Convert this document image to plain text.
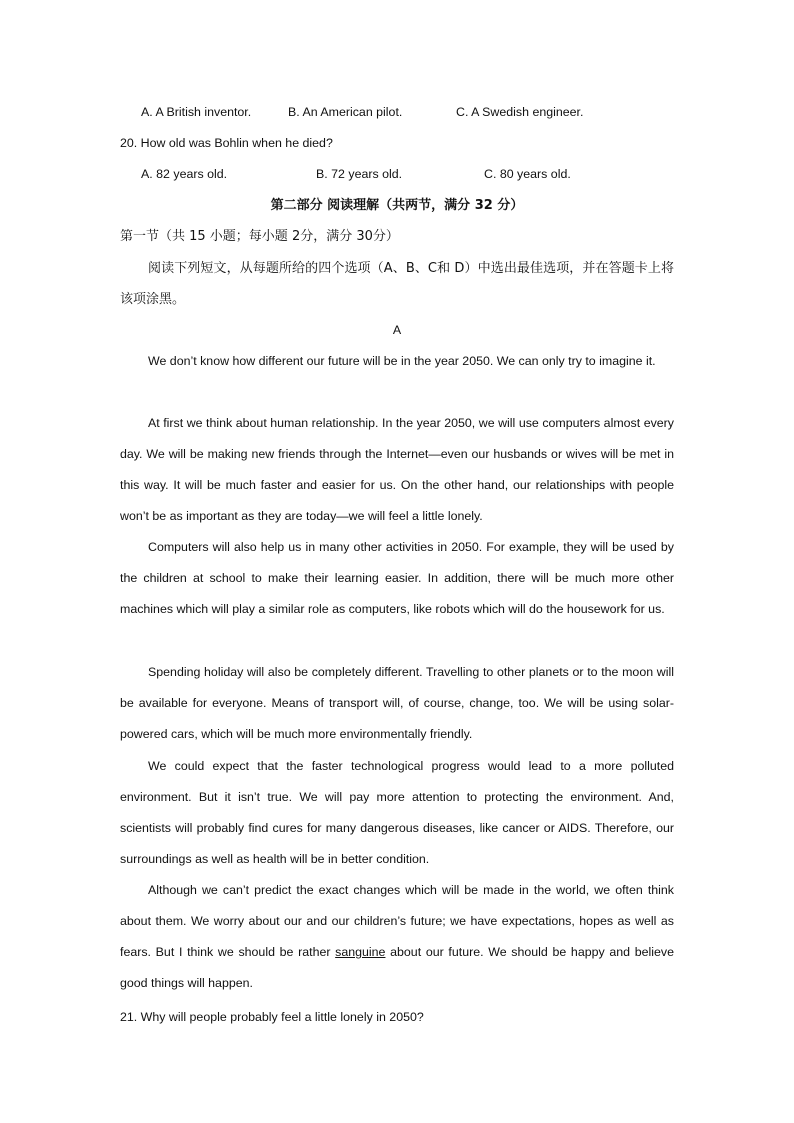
A. A British inventor.	B. An American pilot.	C. A Swedish engineer.
20. How old was Bohlin when he died?
A. 82 years old.	B. 72 years old.	C. 80 years old.
第二部分 阅读理解（共两节，满分 32 分）
第一节（共 15 小题；每小题 2分，满分 30分）
阅读下列短文，从每题所给的四个选项（A、B、C和 D）中选出最佳选项，并在答题卡上将该项涂黑。
A
We don’t know how different our future will be in the year 2050. We can only try to imagine it.
At first we think about human relationship. In the year 2050, we will use computers almost every day. We will be making new friends through the Internet—even our husbands or wives will be met in this way. It will be much faster and easier for us. On the other hand, our relationships with people won’t be as important as they are today—we will feel a little lonely.
Computers will also help us in many other activities in 2050. For example, they will be used by the children at school to make their learning easier. In addition, there will be much more other machines which will play a similar role as computers, like robots which will do the housework for us.
Spending holiday will also be completely different. Travelling to other planets or to the moon will be available for everyone. Means of transport will, of course, change, too. We will be using solar-powered cars, which will be much more environmentally friendly.
We could expect that the faster technological progress would lead to a more polluted environment. But it isn’t true. We will pay more attention to protecting the environment. And, scientists will probably find cures for many dangerous diseases, like cancer or AIDS. Therefore, our surroundings as well as health will be in better condition.
Although we can’t predict the exact changes which will be made in the world, we often think about them. We worry about our and our children’s future; we have expectations, hopes as well as fears. But I think we should be rather sanguine about our future. We should be happy and believe good things will happen.
21. Why will people probably feel a little lonely in 2050?
